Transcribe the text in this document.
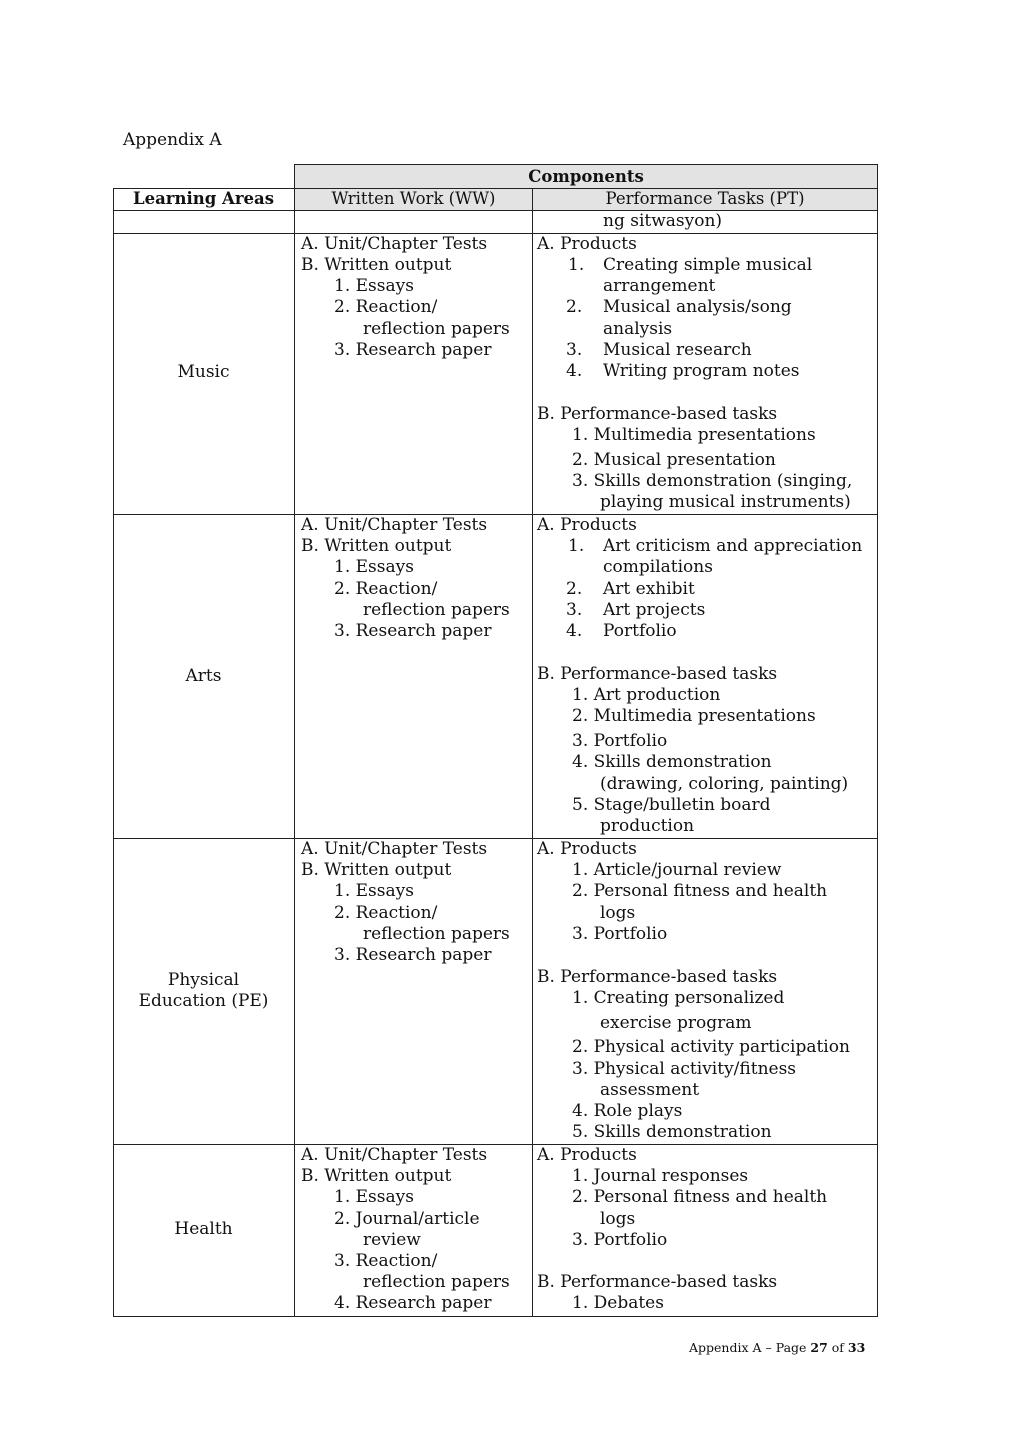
Appendix A
Components
Learning Areas	Written Work (WW)	Performance Tasks (PT)
ng sitwasyon)
Music
A. Unit/Chapter Tests
B. Written output
1. Essays
2. Reaction/
reflection papers
3. Research paper
A. Products
1. Creating simple musical
arrangement
2. Musical analysis/song
analysis
3. Musical research
4. Writing program notes
B. Performance-based tasks
1. Multimedia presentations
2. Musical presentation
3. Skills demonstration (singing,
playing musical instruments)
Arts
A. Unit/Chapter Tests
B. Written output
1. Essays
2. Reaction/
reflection papers
3. Research paper
A. Products
1. Art criticism and appreciation
compilations
2. Art exhibit
3. Art projects
4. Portfolio
B. Performance-based tasks
1. Art production
2. Multimedia presentations
3. Portfolio
4. Skills demonstration
(drawing, coloring, painting)
5. Stage/bulletin board
production
Physical
Education (PE)
A. Unit/Chapter Tests
B. Written output
1. Essays
2. Reaction/
reflection papers
3. Research paper
A. Products
1. Article/journal review
2. Personal fitness and health
logs
3. Portfolio
B. Performance-based tasks
1. Creating personalized
exercise program
2. Physical activity participation
3. Physical activity/fitness
assessment
4. Role plays
5. Skills demonstration
Health
A. Unit/Chapter Tests
B. Written output
1. Essays
2. Journal/article
review
3. Reaction/
reflection papers
4. Research paper
A. Products
1. Journal responses
2. Personal fitness and health
logs
3. Portfolio
B. Performance-based tasks
1. Debates
Appendix A – Page 27 of 33
